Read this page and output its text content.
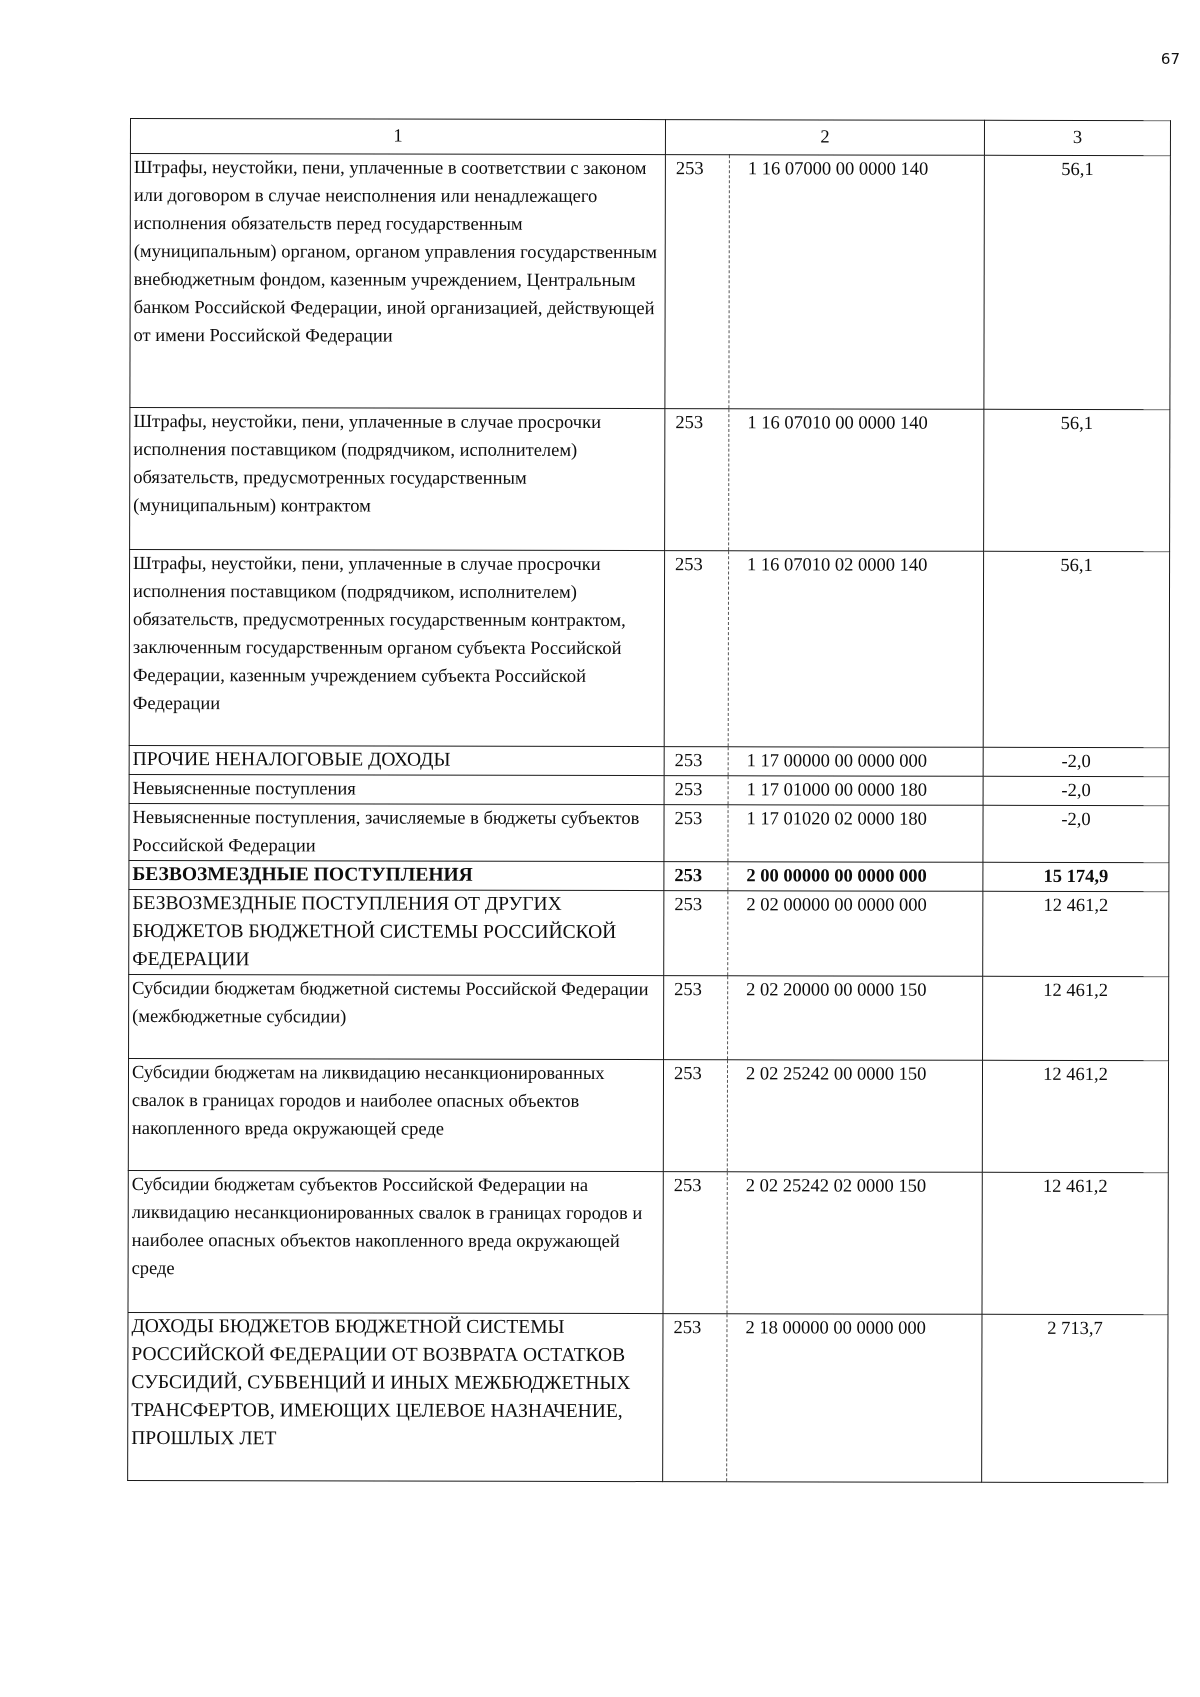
67
1	2		3
Штрафы, неустойки, пени, уплаченные в соответствии с законом или договором в случае неисполнения или ненадлежащего исполнения обязательств перед государственным (муниципальным) органом, органом управления государственным внебюджетным фондом, казенным учреждением, Центральным банком Российской Федерации, иной организацией, действующей от имени Российской Федерации	253	1 16 07000 00 0000 140	56,1
Штрафы, неустойки, пени, уплаченные в случае просрочки исполнения поставщиком (подрядчиком, исполнителем) обязательств, предусмотренных государственным (муниципальным) контрактом	253	1 16 07010 00 0000 140	56,1
Штрафы, неустойки, пени, уплаченные в случае просрочки исполнения поставщиком (подрядчиком, исполнителем) обязательств, предусмотренных государственным контрактом, заключенным государственным органом субъекта Российской Федерации, казенным учреждением субъекта Российской Федерации	253	1 16 07010 02 0000 140	56,1
ПРОЧИЕ НЕНАЛОГОВЫЕ ДОХОДЫ	253	1 17 00000 00 0000 000	-2,0
Невыясненные поступления	253	1 17 01000 00 0000 180	-2,0
Невыясненные поступления, зачисляемые в бюджеты субъектов Российской Федерации	253	1 17 01020 02 0000 180	-2,0
БЕЗВОЗМЕЗДНЫЕ ПОСТУПЛЕНИЯ	253	2 00 00000 00 0000 000	15 174,9
БЕЗВОЗМЕЗДНЫЕ ПОСТУПЛЕНИЯ ОТ ДРУГИХ БЮДЖЕТОВ БЮДЖЕТНОЙ СИСТЕМЫ РОССИЙСКОЙ ФЕДЕРАЦИИ	253	2 02 00000 00 0000 000	12 461,2
Субсидии бюджетам бюджетной системы Российской Федерации (межбюджетные субсидии)	253	2 02 20000 00 0000 150	12 461,2
Субсидии бюджетам на ликвидацию несанкционированных свалок в границах городов и наиболее опасных объектов накопленного вреда окружающей среде	253	2 02 25242 00 0000 150	12 461,2
Субсидии бюджетам субъектов Российской Федерации на ликвидацию несанкционированных свалок в границах городов и наиболее опасных объектов накопленного вреда окружающей среде	253	2 02 25242 02 0000 150	12 461,2
ДОХОДЫ БЮДЖЕТОВ БЮДЖЕТНОЙ СИСТЕМЫ РОССИЙСКОЙ ФЕДЕРАЦИИ ОТ ВОЗВРАТА ОСТАТКОВ СУБСИДИЙ, СУБВЕНЦИЙ И ИНЫХ МЕЖБЮДЖЕТНЫХ ТРАНСФЕРТОВ, ИМЕЮЩИХ ЦЕЛЕВОЕ НАЗНАЧЕНИЕ, ПРОШЛЫХ ЛЕТ	253	2 18 00000 00 0000 000	2 713,7
